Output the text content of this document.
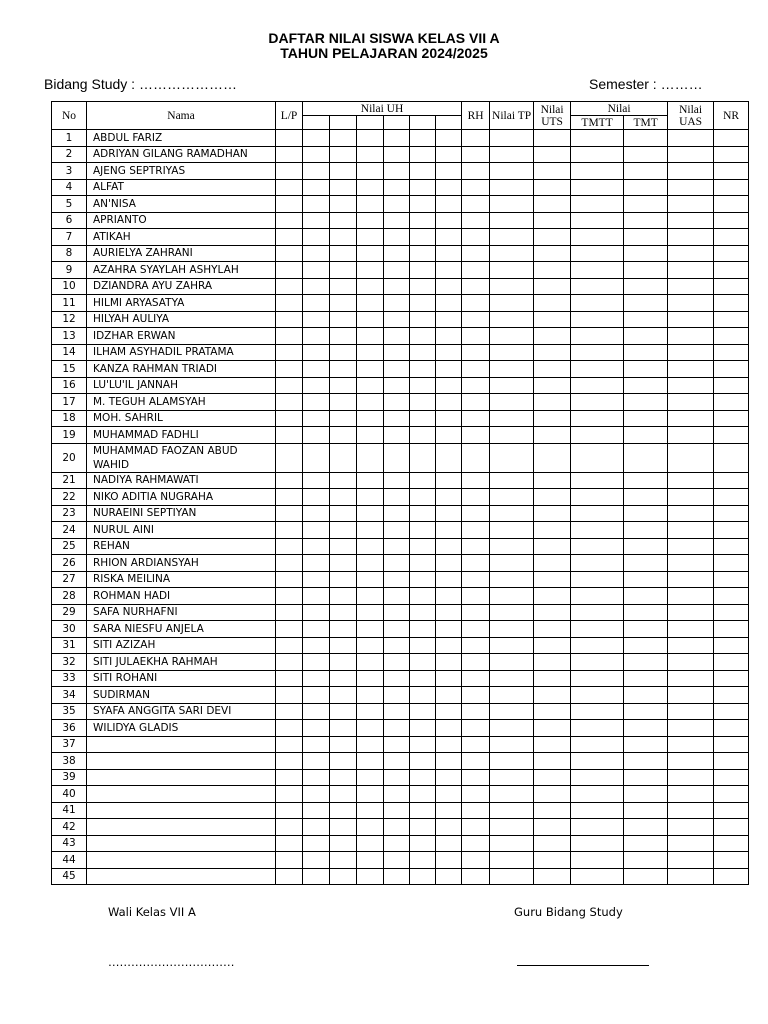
DAFTAR NILAI SISWA KELAS VII A
TAHUN PELAJARAN 2024/2025
Bidang Study : …………………	Semester : ………
No	Nama	L/P	Nilai UH						RH	Nilai TP	Nilai UTS	Nilai		Nilai UAS	NR
												TMTT	TMT		
1	ABDUL FARIZ														
2	ADRIYAN GILANG RAMADHAN														
3	AJENG SEPTRIYAS														
4	ALFAT														
5	AN'NISA														
6	APRIANTO														
7	ATIKAH														
8	AURIELYA ZAHRANI														
9	AZAHRA SYAYLAH ASHYLAH														
10	DZIANDRA AYU ZAHRA														
11	HILMI ARYASATYA														
12	HILYAH AULIYA														
13	IDZHAR ERWAN														
14	ILHAM ASYHADIL PRATAMA														
15	KANZA RAHMAN TRIADI														
16	LU'LU'IL JANNAH														
17	M. TEGUH ALAMSYAH														
18	MOH. SAHRIL														
19	MUHAMMAD FADHLI														
20	MUHAMMAD FAOZAN ABUD WAHID														
21	NADIYA RAHMAWATI														
22	NIKO ADITIA NUGRAHA														
23	NURAEINI SEPTIYAN														
24	NURUL AINI														
25	REHAN														
26	RHION ARDIANSYAH														
27	RISKA MEILINA														
28	ROHMAN HADI														
29	SAFA NURHAFNI														
30	SARA NIESFU ANJELA														
31	SITI AZIZAH														
32	SITI JULAEKHA RAHMAH														
33	SITI ROHANI														
34	SUDIRMAN														
35	SYAFA ANGGITA SARI DEVI														
36	WILIDYA GLADIS														
37															
38															
39															
40															
41															
42															
43															
44															
45															
Wali Kelas VII A
……………………………
Guru Bidang Study
